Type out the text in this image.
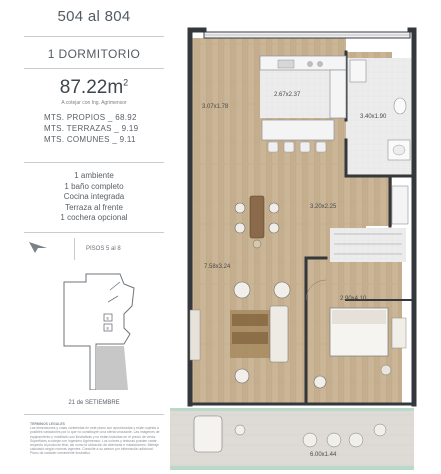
504 al 804
1 DORMITORIO
$87.22m^2$
A cotejar con Ing. Agrimensor
MTS. PROPIOS
_ 68.92
MTS. TERRAZAS
_ 9.19
MTS. COMUNES
_ 9.11
1 ambiente
1 baño completo
Cocina integrada
Terraza al frente
1 cochera opcional
PISOS 5 al 8
E
E
21 de SETIEMBRE
TERMINOS LEGALES
Las dimensiones y cotas contenidas en este plano son aproximadas y están sujetas a posibles variaciones por lo que no constituyen una oferta vinculante. Las imágenes de equipamiento y mobiliario son ilustrativas y no están incluidas en el precio de venta. Superficies a cotejar con Ingeniero Agrimensor. Los colores y texturas pueden variar respecto al producto final, así como la ubicación de aberturas e instalaciones. Metraje calculado según normas vigentes. Consulte a su asesor por información adicional. Plano de carácter meramente ilustrativo.
2.67x2.37
3.07x1.78
3.40x1.90
3.20x2.25
7.58x3.24
2.90x4.10
6.00x1.44
